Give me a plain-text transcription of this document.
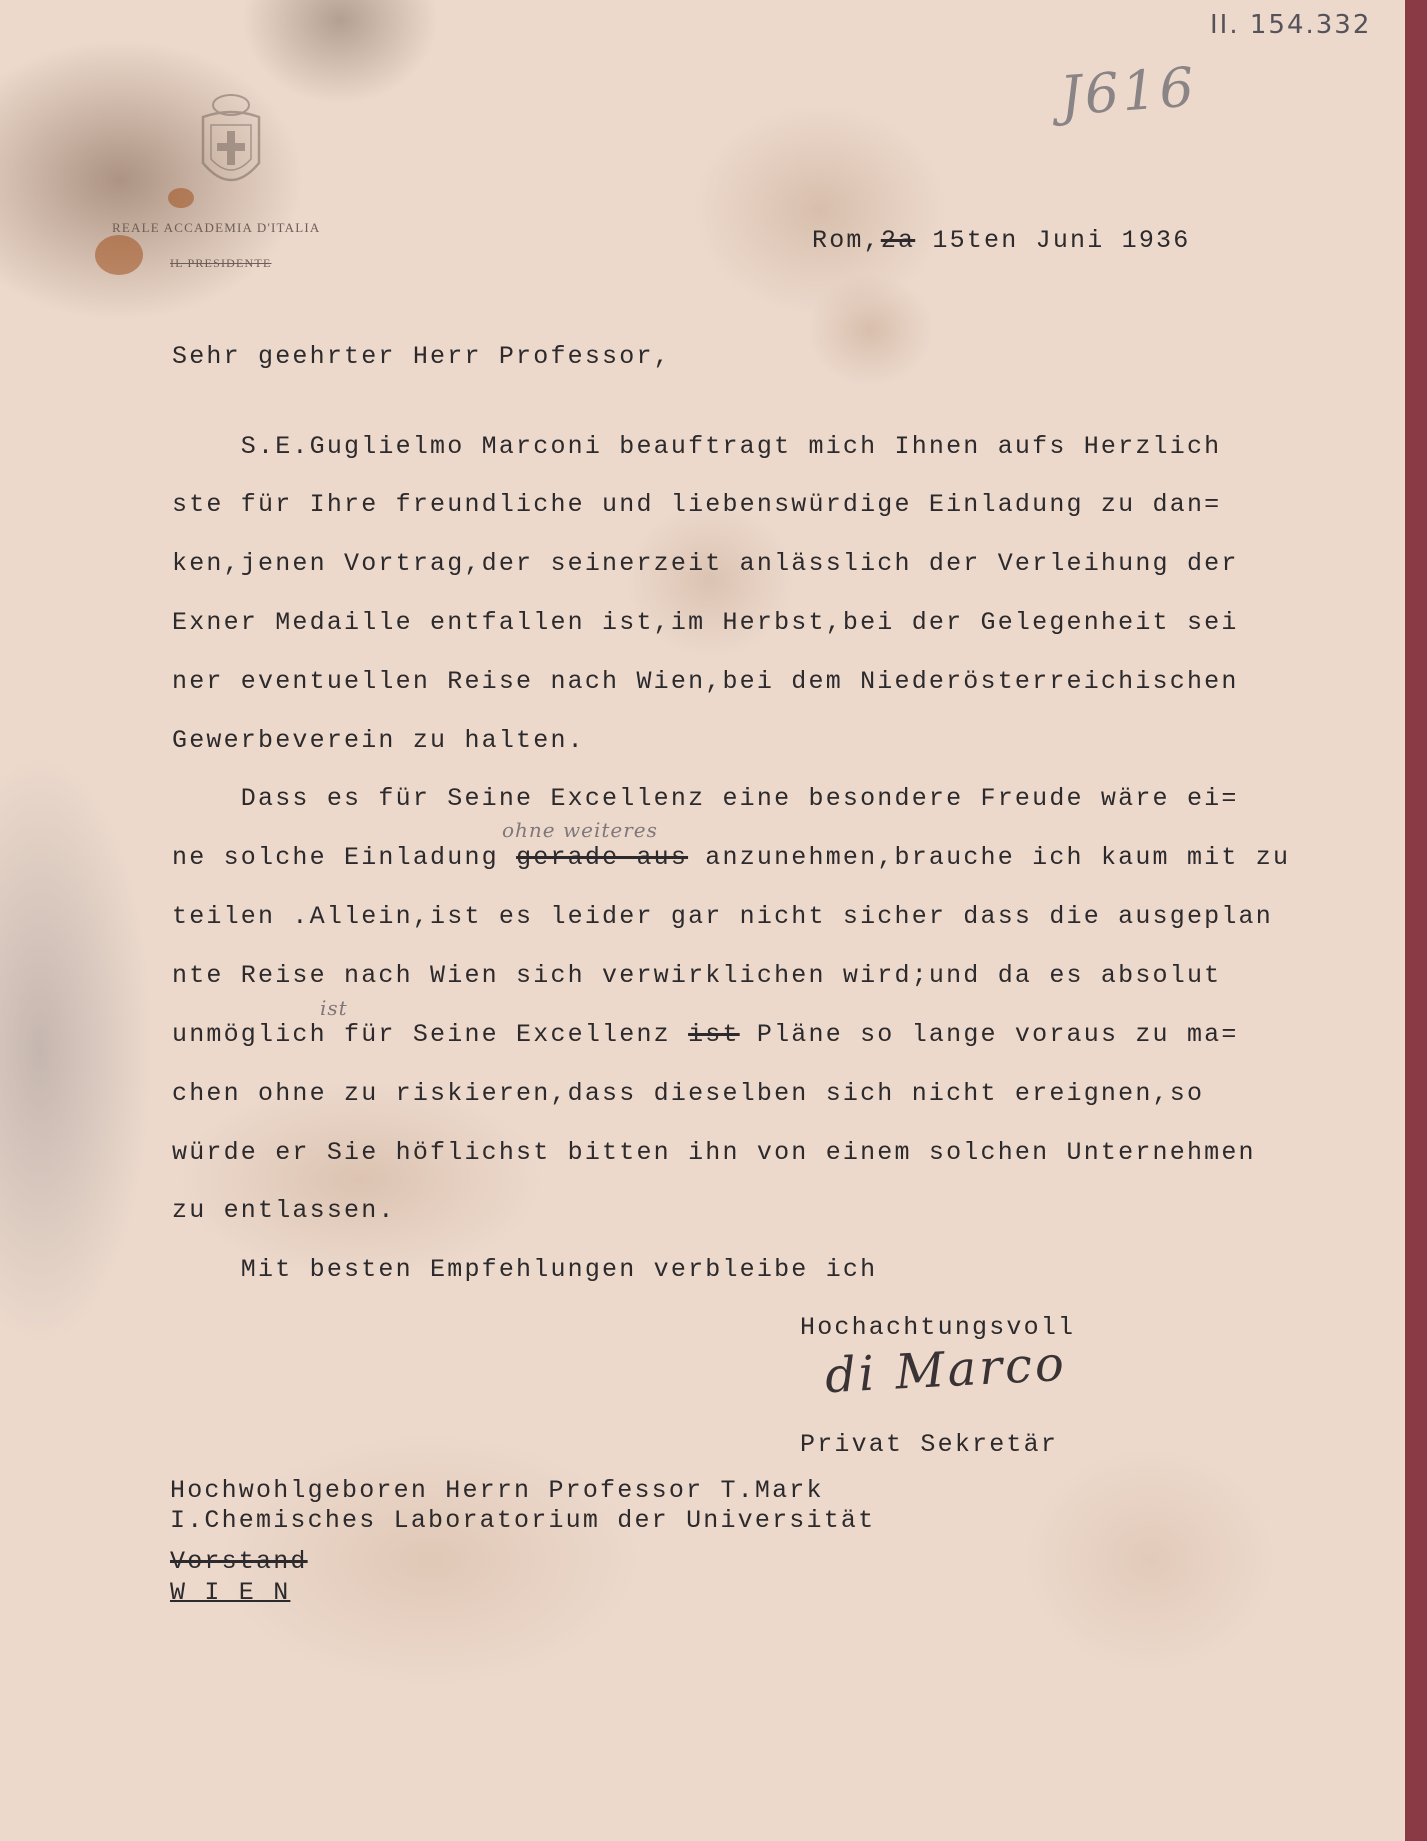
II. 154.332
J616
REALE ACCADEMIA D'ITALIA
IL PRESIDENTE
Rom,2a 15ten Juni 1936
Sehr geehrter Herr Professor,
S.E.Guglielmo Marconi beauftragt mich Ihnen aufs Herzlich
ste für Ihre freundliche und liebenswürdige Einladung zu dan=
ken,jenen Vortrag,der seinerzeit anlässlich der Verleihung der
Exner Medaille entfallen ist,im Herbst,bei der Gelegenheit sei
ner eventuellen Reise nach Wien,bei dem Niederösterreichischen
Gewerbeverein zu halten.
Dass es für Seine Excellenz eine besondere Freude wäre ei=
ohne weiteres
ne solche Einladung gerade aus anzunehmen,brauche ich kaum mit zu
teilen .Allein,ist es leider gar nicht sicher dass die ausgeplan
nte Reise nach Wien sich verwirklichen wird;und da es absolut
ist
unmöglich für Seine Excellenz ist Pläne so lange voraus zu ma=
chen ohne zu riskieren,dass dieselben sich nicht ereignen,so
würde er Sie höflichst bitten ihn von einem solchen Unternehmen
zu entlassen.
Mit besten Empfehlungen verbleibe ich
Hochachtungsvoll
di Marco
Privat Sekretär
Hochwohlgeboren Herrn Professor T.Mark
I.Chemisches Laboratorium der Universität
Vorstand
W I E N
